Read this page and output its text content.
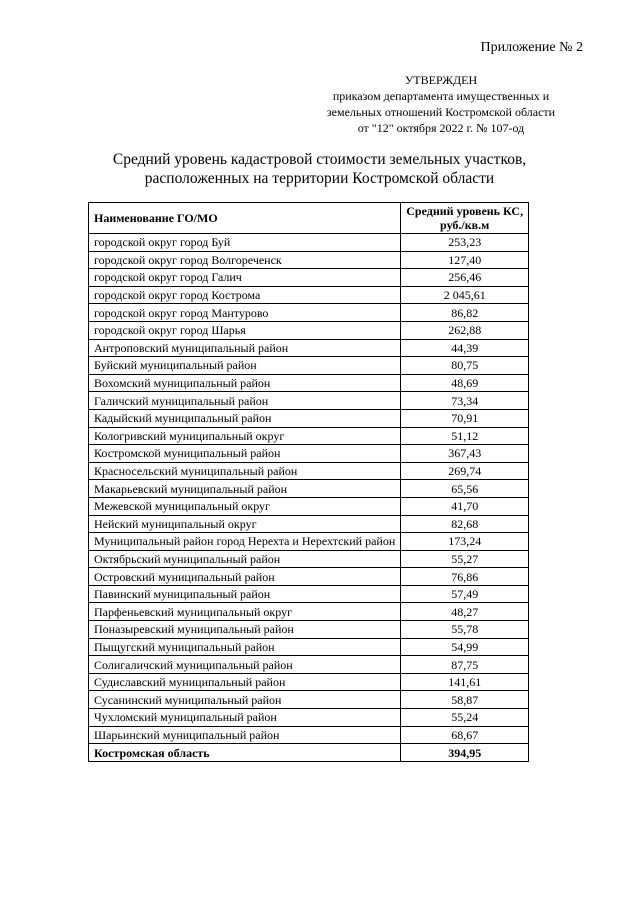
Приложение № 2
УТВЕРЖДЕН
приказом департамента имущественных и
земельных отношений Костромской области
от "12" октября 2022 г. № 107-од
Средний уровень кадастровой стоимости земельных участков,
расположенных на территории Костромской области
Наименование ГО/МО	Средний уровень КС,
руб./кв.м

городской округ город Буй	253,23
городской округ город Волгореченск	127,40
городской округ город Галич	256,46
городской округ город Кострома	2 045,61
городской округ город Мантурово	86,82
городской округ город Шарья	262,88
Антроповский муниципальный район	44,39
Буйский муниципальный район	80,75
Вохомский муниципальный район	48,69
Галичский муниципальный район	73,34
Кадыйский муниципальный район	70,91
Кологривский муниципальный округ	51,12
Костромской муниципальный район	367,43
Красносельский муниципальный район	269,74
Макарьевский муниципальный район	65,56
Межевской муниципальный округ	41,70
Нейский муниципальный округ	82,68
Муниципальный район город Нерехта и Нерехтский район	173,24
Октябрьский муниципальный район	55,27
Островский муниципальный район	76,86
Павинский муниципальный район	57,49
Парфеньевский муниципальный округ	48,27
Поназыревский муниципальный район	55,78
Пыщугский муниципальный район	54,99
Солигаличский муниципальный район	87,75
Судиславский муниципальный район	141,61
Сусанинский муниципальный район	58,87
Чухломский муниципальный район	55,24
Шарьинский муниципальный район	68,67
Костромская область	394,95
